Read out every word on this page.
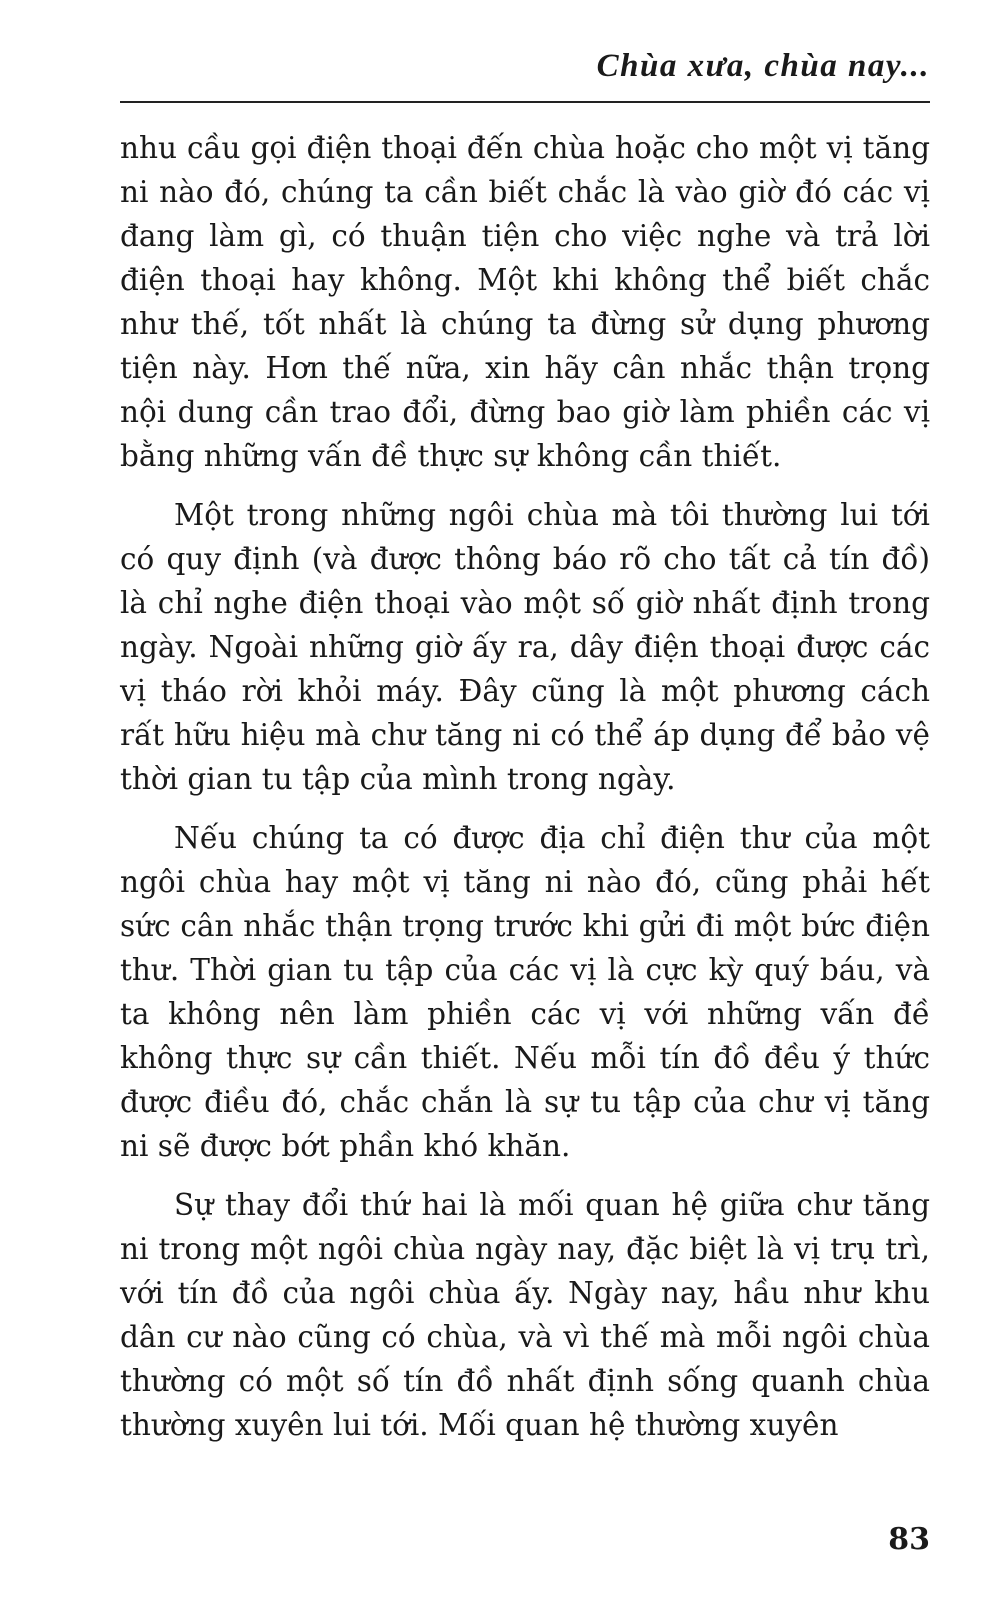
Chùa xưa, chùa nay...

nhu cầu gọi điện thoại đến chùa hoặc cho một vị tăng ni nào đó, chúng ta cần biết chắc là vào giờ đó các vị đang làm gì, có thuận tiện cho việc nghe và trả lời điện thoại hay không. Một khi không thể biết chắc như thế, tốt nhất là chúng ta đừng sử dụng phương tiện này. Hơn thế nữa, xin hãy cân nhắc thận trọng nội dung cần trao đổi, đừng bao giờ làm phiền các vị bằng những vấn đề thực sự không cần thiết.

Một trong những ngôi chùa mà tôi thường lui tới có quy định (và được thông báo rõ cho tất cả tín đồ) là chỉ nghe điện thoại vào một số giờ nhất định trong ngày. Ngoài những giờ ấy ra, dây điện thoại được các vị tháo rời khỏi máy. Đây cũng là một phương cách rất hữu hiệu mà chư tăng ni có thể áp dụng để bảo vệ thời gian tu tập của mình trong ngày.

Nếu chúng ta có được địa chỉ điện thư của một ngôi chùa hay một vị tăng ni nào đó, cũng phải hết sức cân nhắc thận trọng trước khi gửi đi một bức điện thư. Thời gian tu tập của các vị là cực kỳ quý báu, và ta không nên làm phiền các vị với những vấn đề không thực sự cần thiết. Nếu mỗi tín đồ đều ý thức được điều đó, chắc chắn là sự tu tập của chư vị tăng ni sẽ được bớt phần khó khăn.

Sự thay đổi thứ hai là mối quan hệ giữa chư tăng ni trong một ngôi chùa ngày nay, đặc biệt là vị trụ trì, với tín đồ của ngôi chùa ấy. Ngày nay, hầu như khu dân cư nào cũng có chùa, và vì thế mà mỗi ngôi chùa thường có một số tín đồ nhất định sống quanh chùa thường xuyên lui tới. Mối quan hệ thường xuyên

83
